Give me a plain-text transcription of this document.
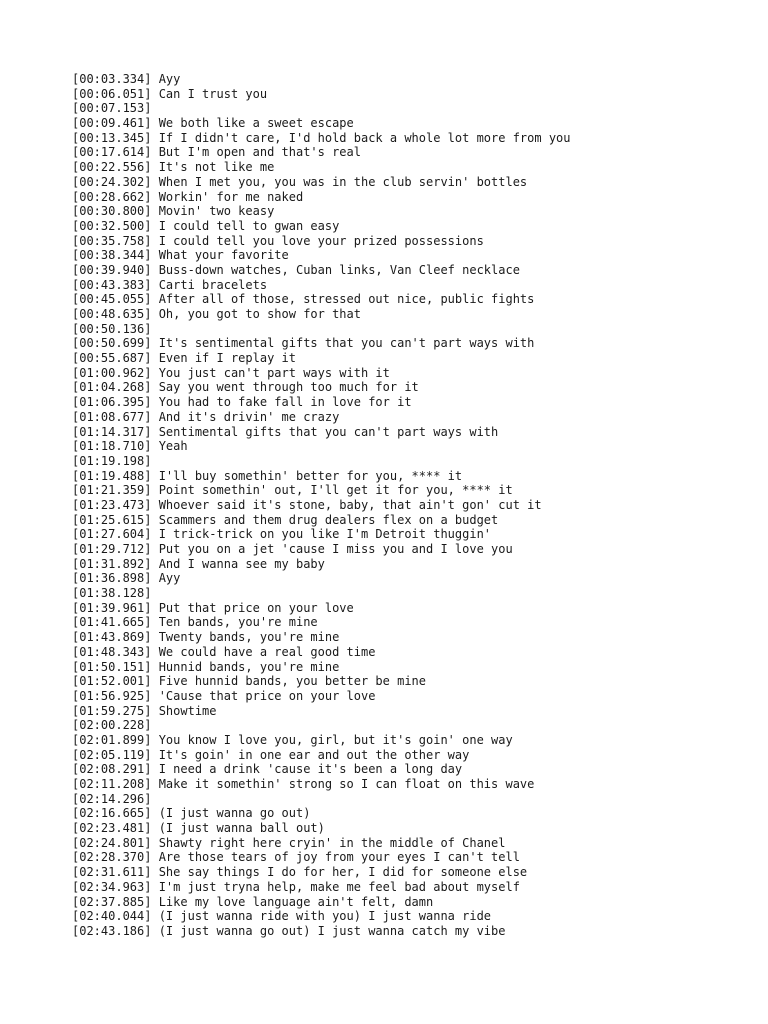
[00:03.334] Ayy
[00:06.051] Can I trust you
[00:07.153]
[00:09.461] We both like a sweet escape
[00:13.345] If I didn't care, I'd hold back a whole lot more from you
[00:17.614] But I'm open and that's real
[00:22.556] It's not like me
[00:24.302] When I met you, you was in the club servin' bottles
[00:28.662] Workin' for me naked
[00:30.800] Movin' two keasy
[00:32.500] I could tell to gwan easy
[00:35.758] I could tell you love your prized possessions
[00:38.344] What your favorite
[00:39.940] Buss-down watches, Cuban links, Van Cleef necklace
[00:43.383] Carti bracelets
[00:45.055] After all of those, stressed out nice, public fights
[00:48.635] Oh, you got to show for that
[00:50.136]
[00:50.699] It's sentimental gifts that you can't part ways with
[00:55.687] Even if I replay it
[01:00.962] You just can't part ways with it
[01:04.268] Say you went through too much for it
[01:06.395] You had to fake fall in love for it
[01:08.677] And it's drivin' me crazy
[01:14.317] Sentimental gifts that you can't part ways with
[01:18.710] Yeah
[01:19.198]
[01:19.488] I'll buy somethin' better for you, **** it
[01:21.359] Point somethin' out, I'll get it for you, **** it
[01:23.473] Whoever said it's stone, baby, that ain't gon' cut it
[01:25.615] Scammers and them drug dealers flex on a budget
[01:27.604] I trick-trick on you like I'm Detroit thuggin'
[01:29.712] Put you on a jet 'cause I miss you and I love you
[01:31.892] And I wanna see my baby
[01:36.898] Ayy
[01:38.128]
[01:39.961] Put that price on your love
[01:41.665] Ten bands, you're mine
[01:43.869] Twenty bands, you're mine
[01:48.343] We could have a real good time
[01:50.151] Hunnid bands, you're mine
[01:52.001] Five hunnid bands, you better be mine
[01:56.925] 'Cause that price on your love
[01:59.275] Showtime
[02:00.228]
[02:01.899] You know I love you, girl, but it's goin' one way
[02:05.119] It's goin' in one ear and out the other way
[02:08.291] I need a drink 'cause it's been a long day
[02:11.208] Make it somethin' strong so I can float on this wave
[02:14.296]
[02:16.665] (I just wanna go out)
[02:23.481] (I just wanna ball out)
[02:24.801] Shawty right here cryin' in the middle of Chanel
[02:28.370] Are those tears of joy from your eyes I can't tell
[02:31.611] She say things I do for her, I did for someone else
[02:34.963] I'm just tryna help, make me feel bad about myself
[02:37.885] Like my love language ain't felt, damn
[02:40.044] (I just wanna ride with you) I just wanna ride
[02:43.186] (I just wanna go out) I just wanna catch my vibe
